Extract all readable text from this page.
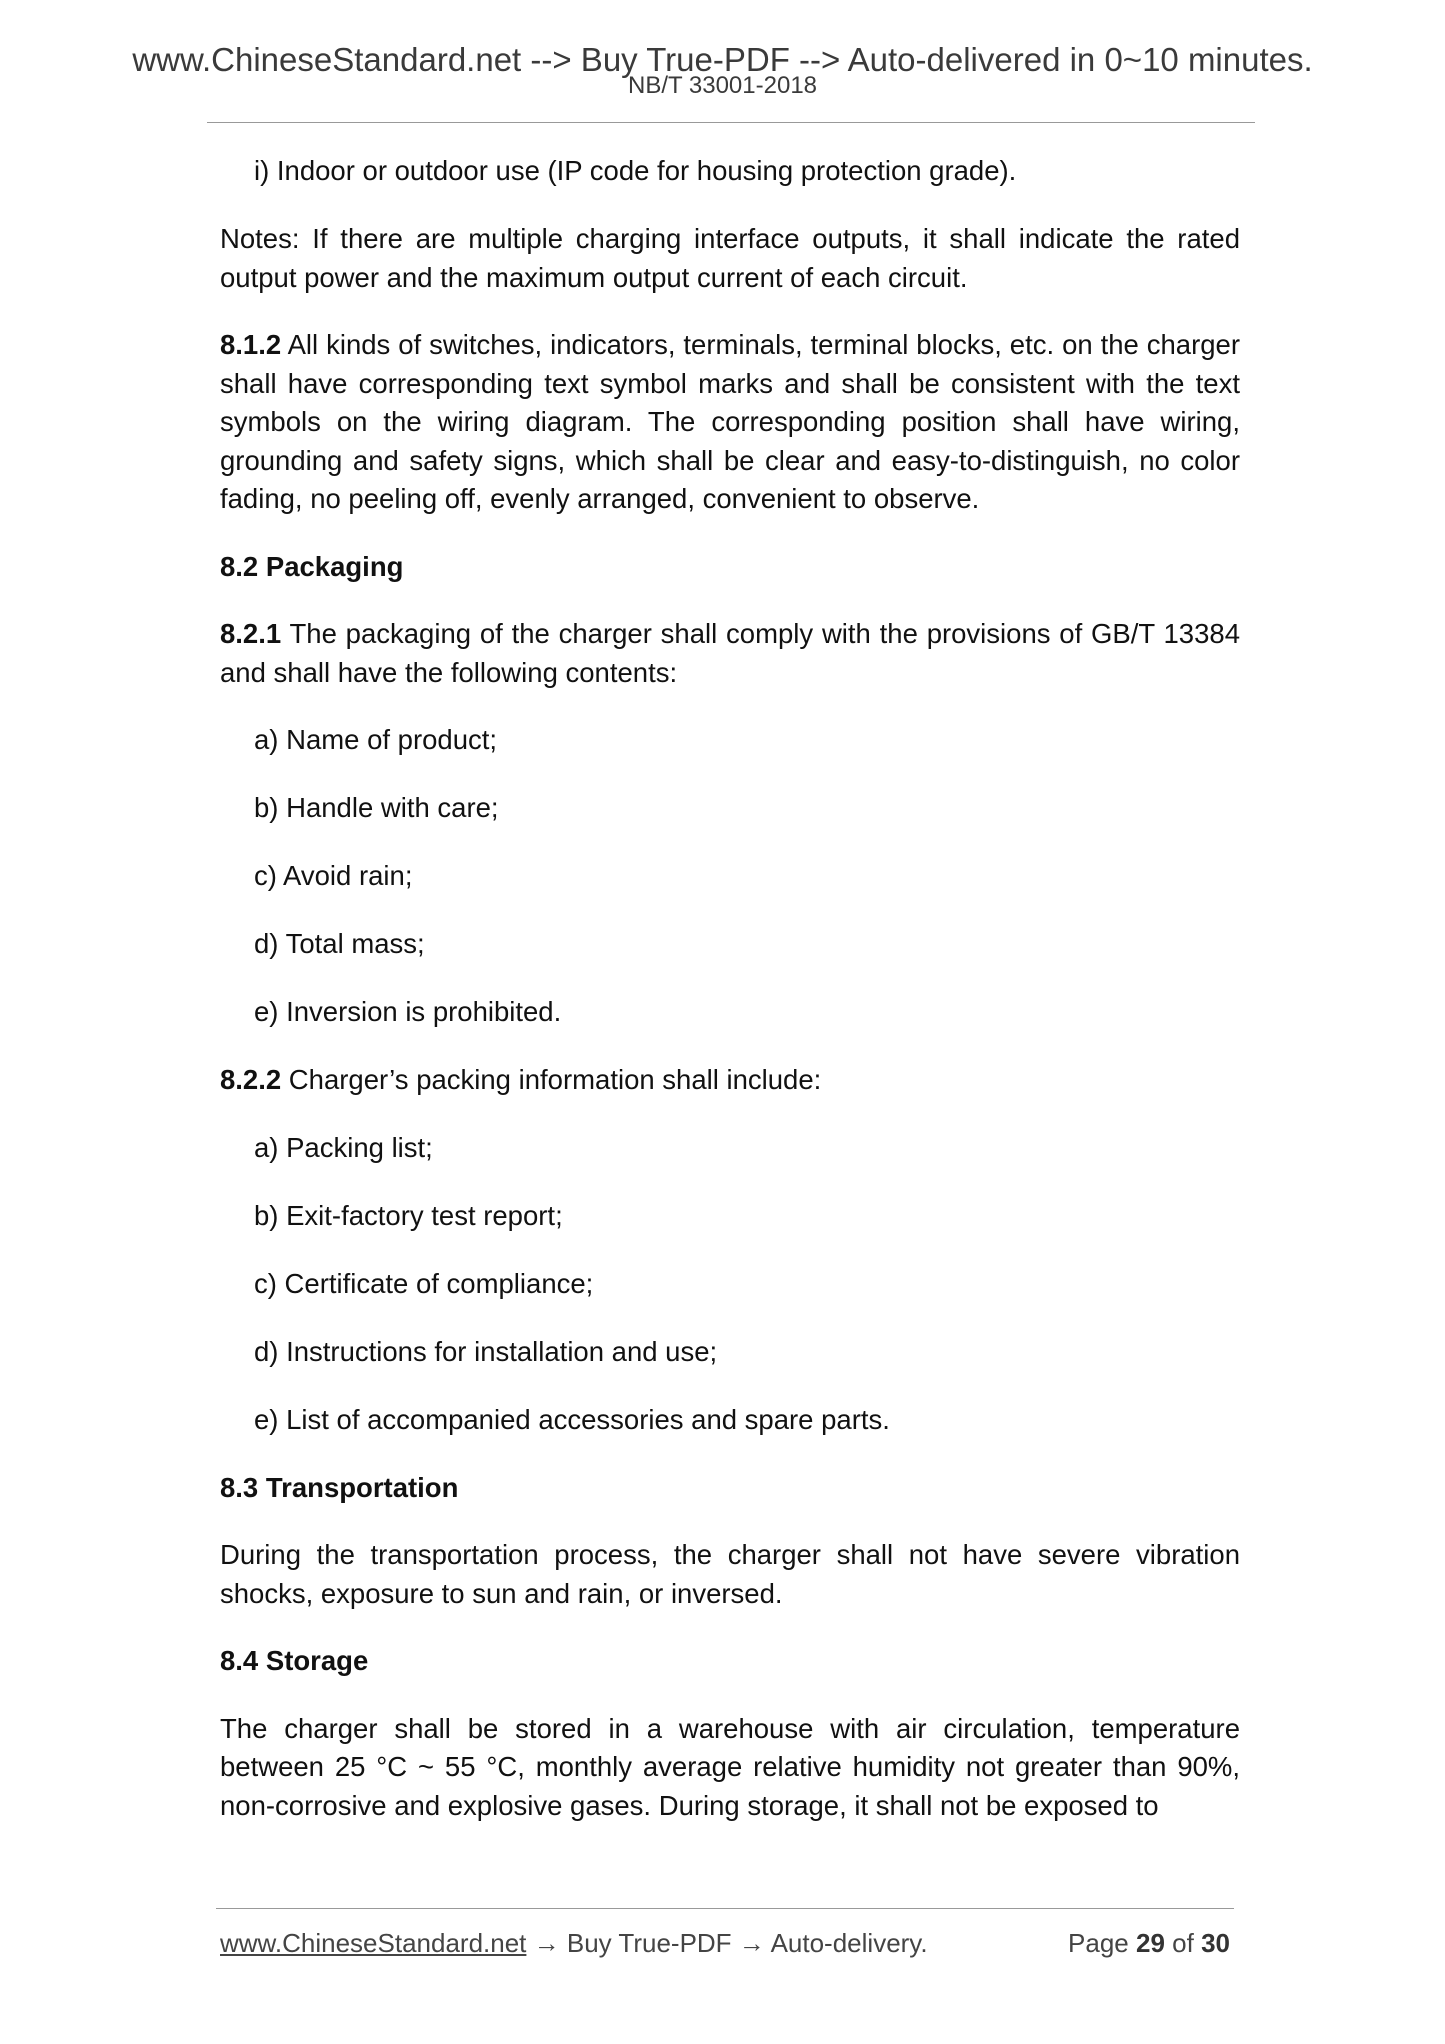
www.ChineseStandard.net --> Buy True-PDF --> Auto-delivered in 0~10 minutes.
NB/T 33001-2018

i) Indoor or outdoor use (IP code for housing protection grade).

Notes: If there are multiple charging interface outputs, it shall indicate the rated output power and the maximum output current of each circuit.

8.1.2 All kinds of switches, indicators, terminals, terminal blocks, etc. on the charger shall have corresponding text symbol marks and shall be consistent with the text symbols on the wiring diagram. The corresponding position shall have wiring, grounding and safety signs, which shall be clear and easy-to-distinguish, no color fading, no peeling off, evenly arranged, convenient to observe.

8.2 Packaging

8.2.1 The packaging of the charger shall comply with the provisions of GB/T 13384 and shall have the following contents:

a) Name of product;

b) Handle with care;

c) Avoid rain;

d) Total mass;

e) Inversion is prohibited.

8.2.2 Charger’s packing information shall include:

a) Packing list;

b) Exit-factory test report;

c) Certificate of compliance;

d) Instructions for installation and use;

e) List of accompanied accessories and spare parts.

8.3 Transportation

During the transportation process, the charger shall not have severe vibration shocks, exposure to sun and rain, or inversed.

8.4 Storage

The charger shall be stored in a warehouse with air circulation, temperature between 25 °C ~ 55 °C, monthly average relative humidity not greater than 90%, non-corrosive and explosive gases. During storage, it shall not be exposed to

www.ChineseStandard.net → Buy True-PDF → Auto-delivery.	Page 29 of 30
